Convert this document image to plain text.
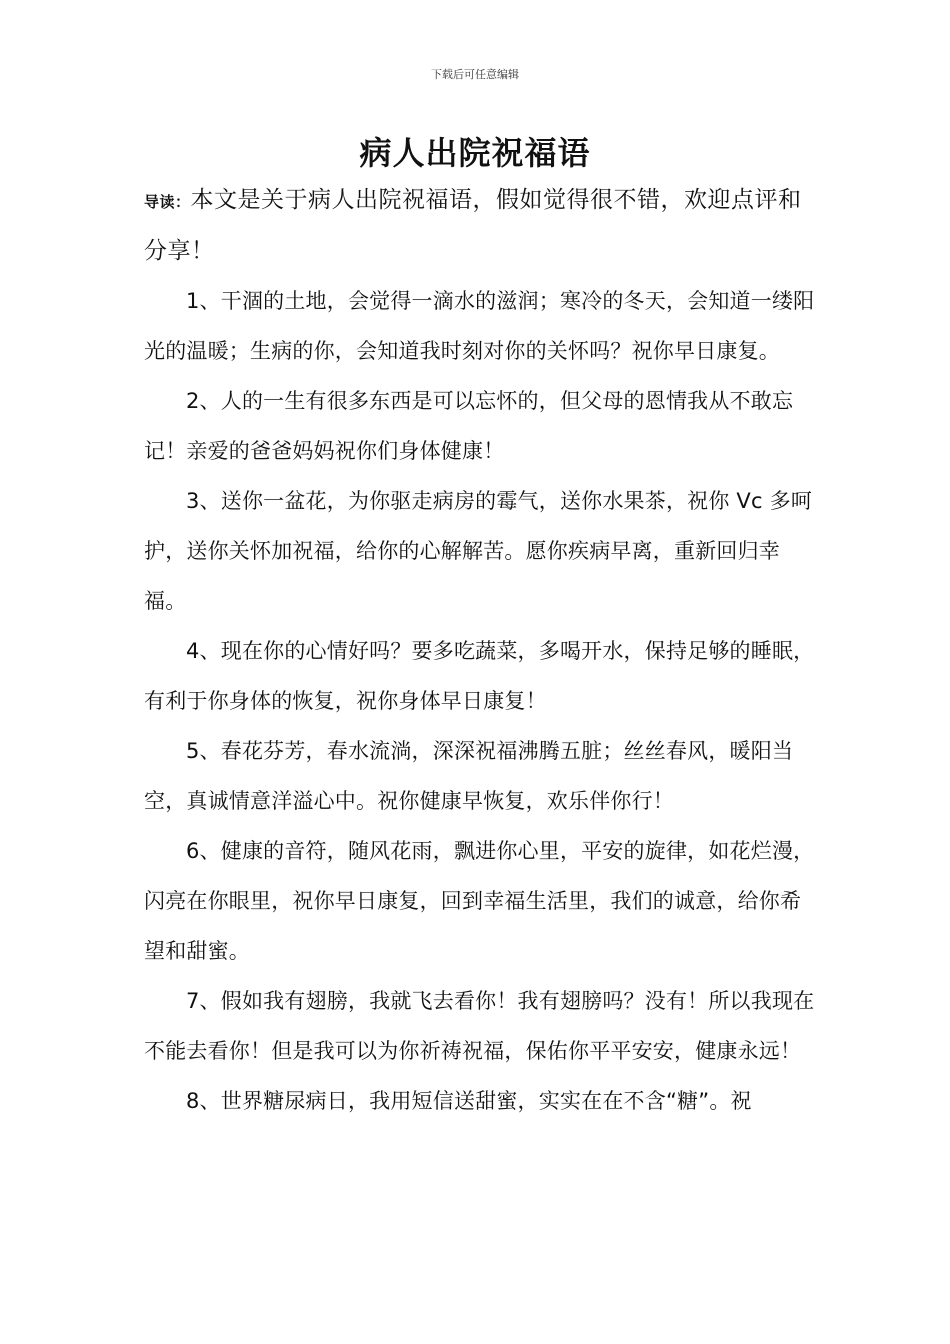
下载后可任意编辑
病人出院祝福语

导读：本文是关于病人出院祝福语，假如觉得很不错，欢迎点评和分享！

1、干涸的土地，会觉得一滴水的滋润；寒冷的冬天，会知道一缕阳光的温暖；生病的你，会知道我时刻对你的关怀吗？祝你早日康复。

2、人的一生有很多东西是可以忘怀的，但父母的恩情我从不敢忘记！亲爱的爸爸妈妈祝你们身体健康！

3、送你一盆花，为你驱走病房的霉气，送你水果茶，祝你 Vc 多呵护，送你关怀加祝福，给你的心解解苦。愿你疾病早离，重新回归幸福。

4、现在你的心情好吗？要多吃蔬菜，多喝开水，保持足够的睡眠，有利于你身体的恢复，祝你身体早日康复！

5、春花芬芳，春水流淌，深深祝福沸腾五脏；丝丝春风，暖阳当空，真诚情意洋溢心中。祝你健康早恢复，欢乐伴你行！

6、健康的音符，随风花雨，飘进你心里，平安的旋律，如花烂漫，闪亮在你眼里，祝你早日康复，回到幸福生活里，我们的诚意，给你希望和甜蜜。

7、假如我有翅膀，我就飞去看你！我有翅膀吗？没有！所以我现在不能去看你！但是我可以为你祈祷祝福，保佑你平平安安，健康永远！

8、世界糖尿病日，我用短信送甜蜜，实实在在不含“糖”。祝
